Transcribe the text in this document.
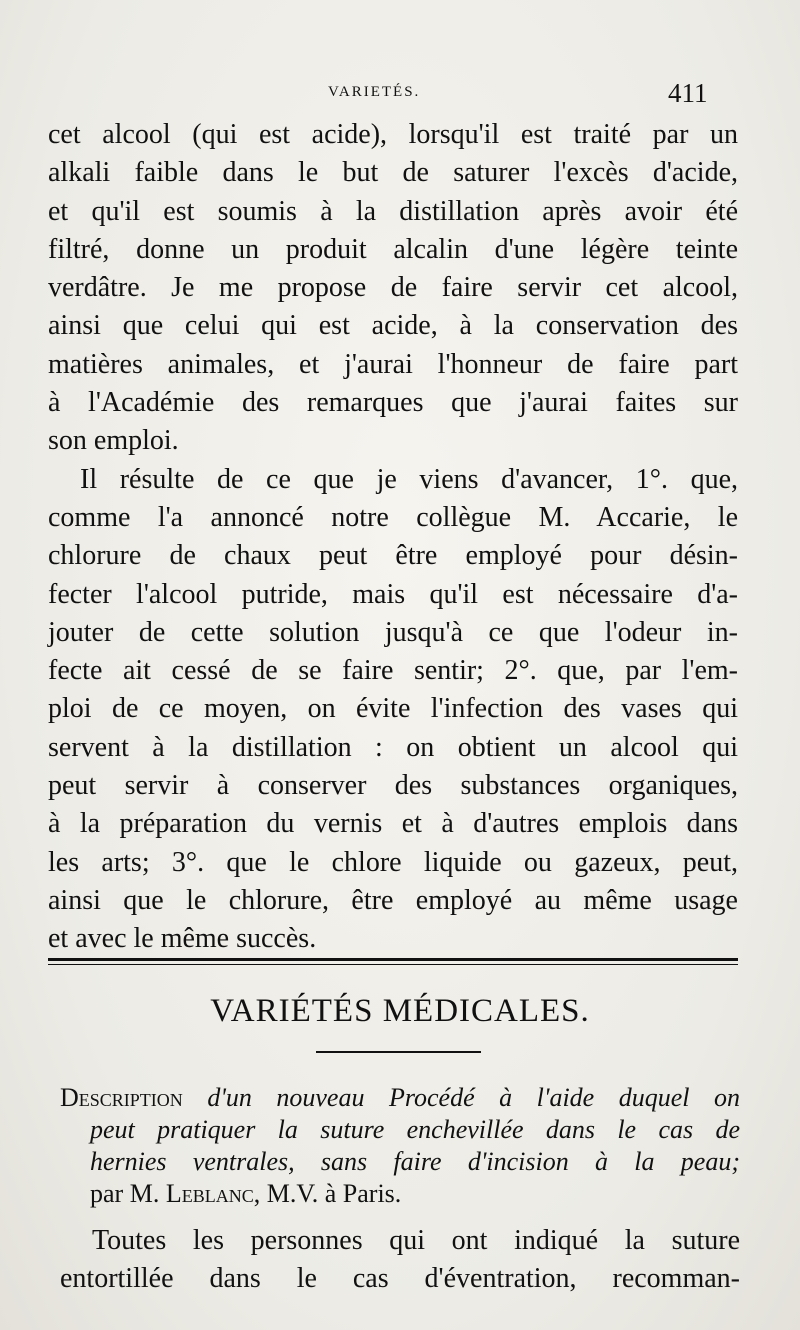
VARIETÉS.	411
cet alcool (qui est acide), lorsqu'il est traité par un
alkali faible dans le but de saturer l'excès d'acide,
et qu'il est soumis à la distillation après avoir été
filtré, donne un produit alcalin d'une légère teinte
verdâtre. Je me propose de faire servir cet alcool,
ainsi que celui qui est acide, à la conservation des
matières animales, et j'aurai l'honneur de faire part
à l'Académie des remarques que j'aurai faites sur
son emploi.
Il résulte de ce que je viens d'avancer, 1°. que,
comme l'a annoncé notre collègue M. Accarie, le
chlorure de chaux peut être employé pour désin-
fecter l'alcool putride, mais qu'il est nécessaire d'a-
jouter de cette solution jusqu'à ce que l'odeur in-
fecte ait cessé de se faire sentir; 2°. que, par l'em-
ploi de ce moyen, on évite l'infection des vases qui
servent à la distillation : on obtient un alcool qui
peut servir à conserver des substances organiques,
à la préparation du vernis et à d'autres emplois dans
les arts; 3°. que le chlore liquide ou gazeux, peut,
ainsi que le chlorure, être employé au même usage
et avec le même succès.
VARIÉTÉS MÉDICALES.
Description d'un nouveau Procédé à l'aide duquel on
peut pratiquer la suture enchevillée dans le cas de
hernies ventrales, sans faire d'incision à la peau;
par M. Leblanc, M.V. à Paris.
Toutes les personnes qui ont indiqué la suture
entortillée dans le cas d'éventration, recomman-
